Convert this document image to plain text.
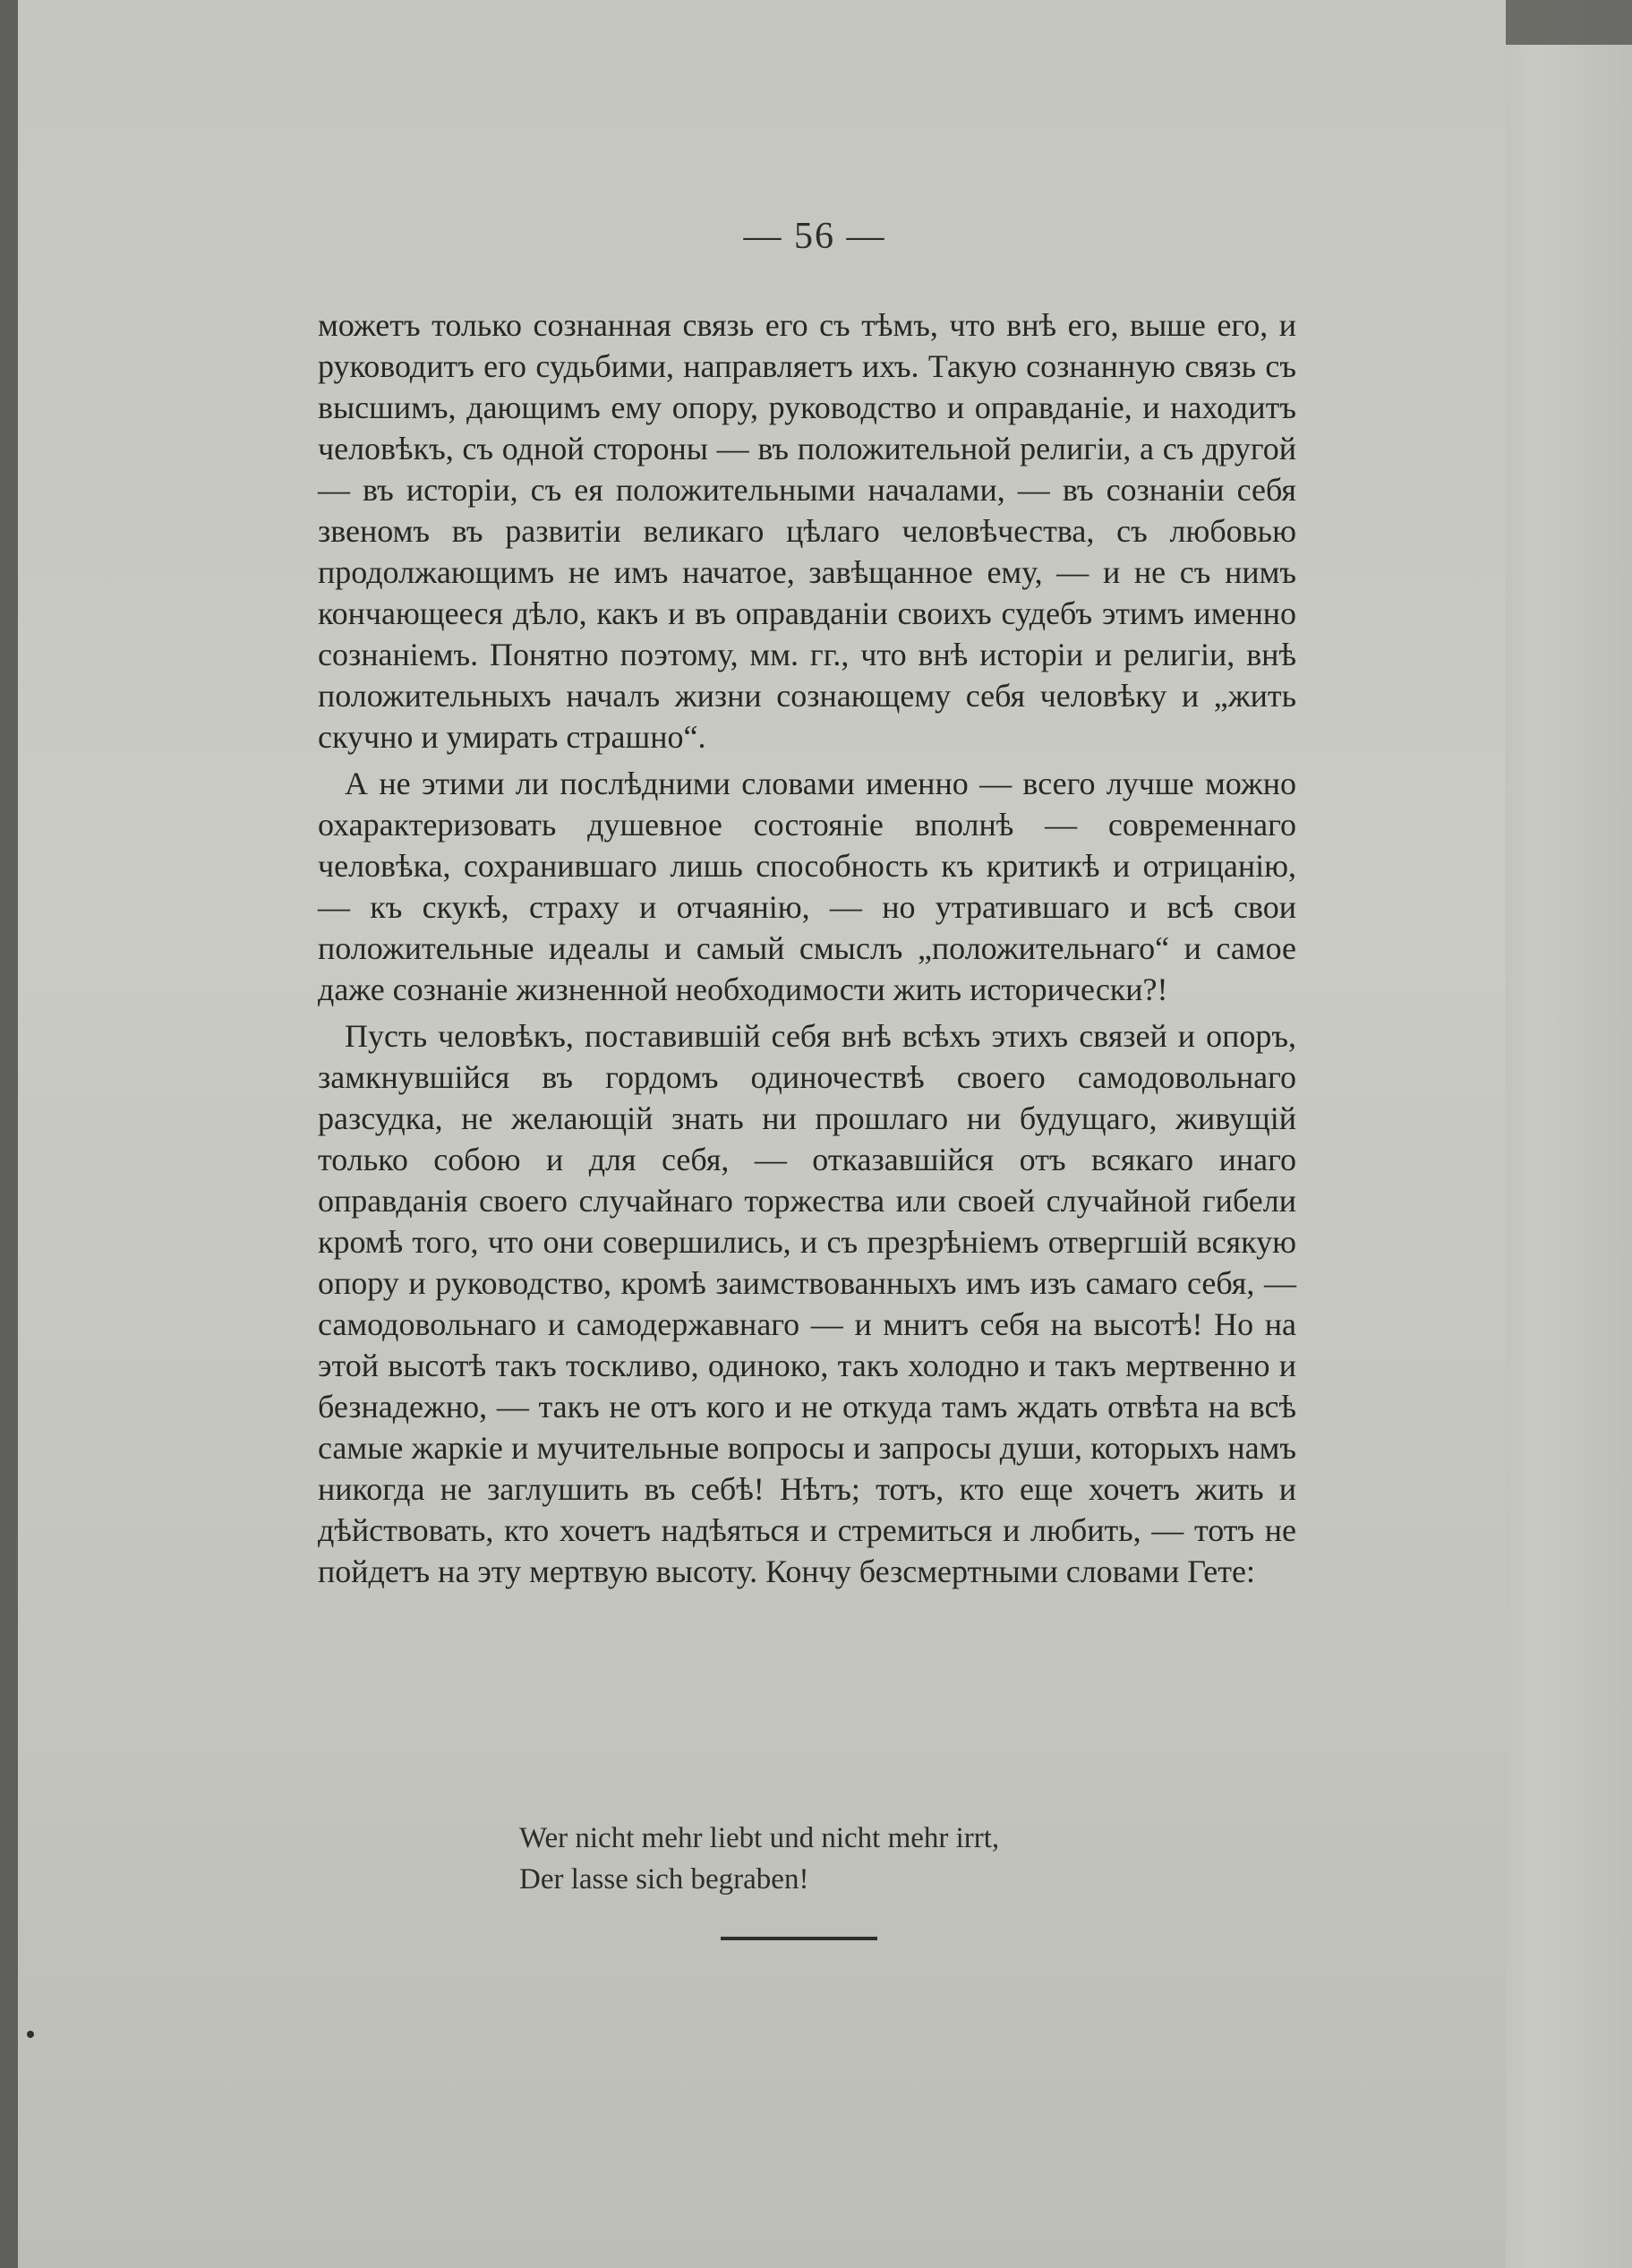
— 56 —

можетъ только сознанная связь его съ тѣмъ, что внѣ его, выше его, и руководитъ его судьбими, направляетъ ихъ. Такую сознанную связь съ высшимъ, дающимъ ему опору, руководство и оправданіе, и находитъ человѣкъ, съ одной стороны — въ положительной религіи, а съ другой — въ исторіи, съ ея положительными началами, — въ сознаніи себя звеномъ въ развитіи великаго цѣлаго человѣчества, съ любовью продолжающимъ не имъ начатое, завѣщанное ему, — и не съ нимъ кончающееся дѣло, какъ и въ оправданіи своихъ судебъ этимъ именно сознаніемъ. Понятно поэтому, мм. гг., что внѣ исторіи и религіи, внѣ положительныхъ началъ жизни сознающему себя человѣку и „жить скучно и умирать страшно“.

А не этими ли послѣдними словами именно — всего лучше можно охарактеризовать душевное состояніе вполнѣ — современнаго человѣка, сохранившаго лишь способность къ критикѣ и отрицанію, — къ скукѣ, страху и отчаянію, — но утратившаго и всѣ свои положительные идеалы и самый смыслъ „положительнаго“ и самое даже сознаніе жизненной необходимости жить исторически?!

Пусть человѣкъ, поставившій себя внѣ всѣхъ этихъ связей и опоръ, замкнувшійся въ гордомъ одиночествѣ своего самодовольнаго разсудка, не желающій знать ни прошлаго ни будущаго, живущій только собою и для себя, — отказавшійся отъ всякаго инаго оправданія своего случайнаго торжества или своей случайной гибели кромѣ того, что они совершились, и съ презрѣніемъ отвергшій всякую опору и руководство, кромѣ заимствованныхъ имъ изъ самаго себя, — самодовольнаго и самодержавнаго — и мнитъ себя на высотѣ! Но на этой высотѣ такъ тоскливо, одиноко, такъ холодно и такъ мертвенно и безнадежно, — такъ не отъ кого и не откуда тамъ ждать отвѣта на всѣ самые жаркіе и мучительные вопросы и запросы души, которыхъ намъ никогда не заглушить въ себѣ! Нѣтъ; тотъ, кто еще хочетъ жить и дѣйствовать, кто хочетъ надѣяться и стремиться и любить, — тотъ не пойдетъ на эту мертвую высоту. Кончу безсмертными словами Гете:

Wer nicht mehr liebt und nicht mehr irrt,
Der lasse sich begraben!
